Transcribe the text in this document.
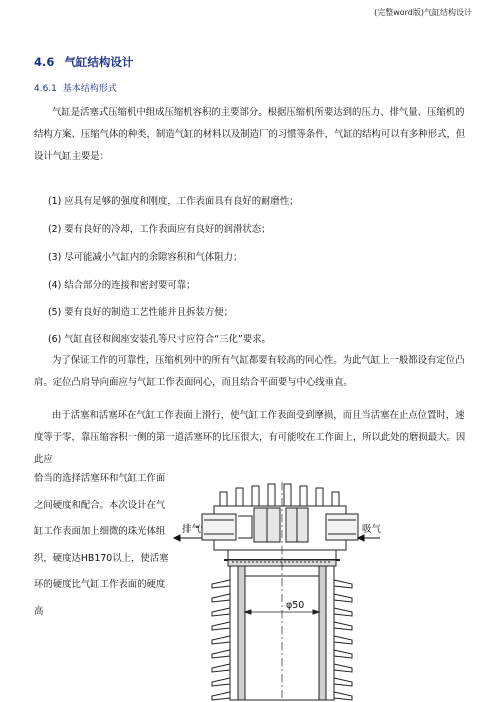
(完整word版)气缸结构设计
4.6 气缸结构设计
4.6.1 基本结构形式

气缸是活塞式压缩机中组成压缩机容积的主要部分。根据压缩机所要达到的压力、排气量、压缩机的结构方案、压缩气体的种类，制造气缸的材料以及制造厂的习惯等条件，气缸的结构可以有多种形式，但设计气缸主要是：

(1) 应具有足够的强度和刚度，工作表面具有良好的耐磨性；

(2) 要有良好的冷却，工作表面应有良好的润滑状态；

(3) 尽可能减小气缸内的余隙容积和气体阻力；

(4) 结合部分的连接和密封要可靠；

(5) 要有良好的制造工艺性能并且拆装方便；

(6) 气缸直径和阀座安装孔等尺寸应符合“三化”要求。

为了保证工作的可靠性，压缩机列中的所有气缸都要有较高的同心性。为此气缸上一般都设有定位凸肩。定位凸肩导向面应与气缸工作表面同心，而且结合平面要与中心线垂直。

由于活塞和活塞环在气缸工作表面上滑行，使气缸工作表面受到摩损，而且当活塞在止点位置时，速度等于零，靠压缩容积一侧的第一道活塞环的比压很大，有可能咬在工作面上，所以此处的磨损最大。因此应

恰当的选择活塞环和气缸工作面之间硬度和配合。本次设计在气缸工作表面加上细微的珠光体组织，硬度达HB170以上，使活塞环的硬度比气缸工作表面的硬度高

排气	吸气
φ50
